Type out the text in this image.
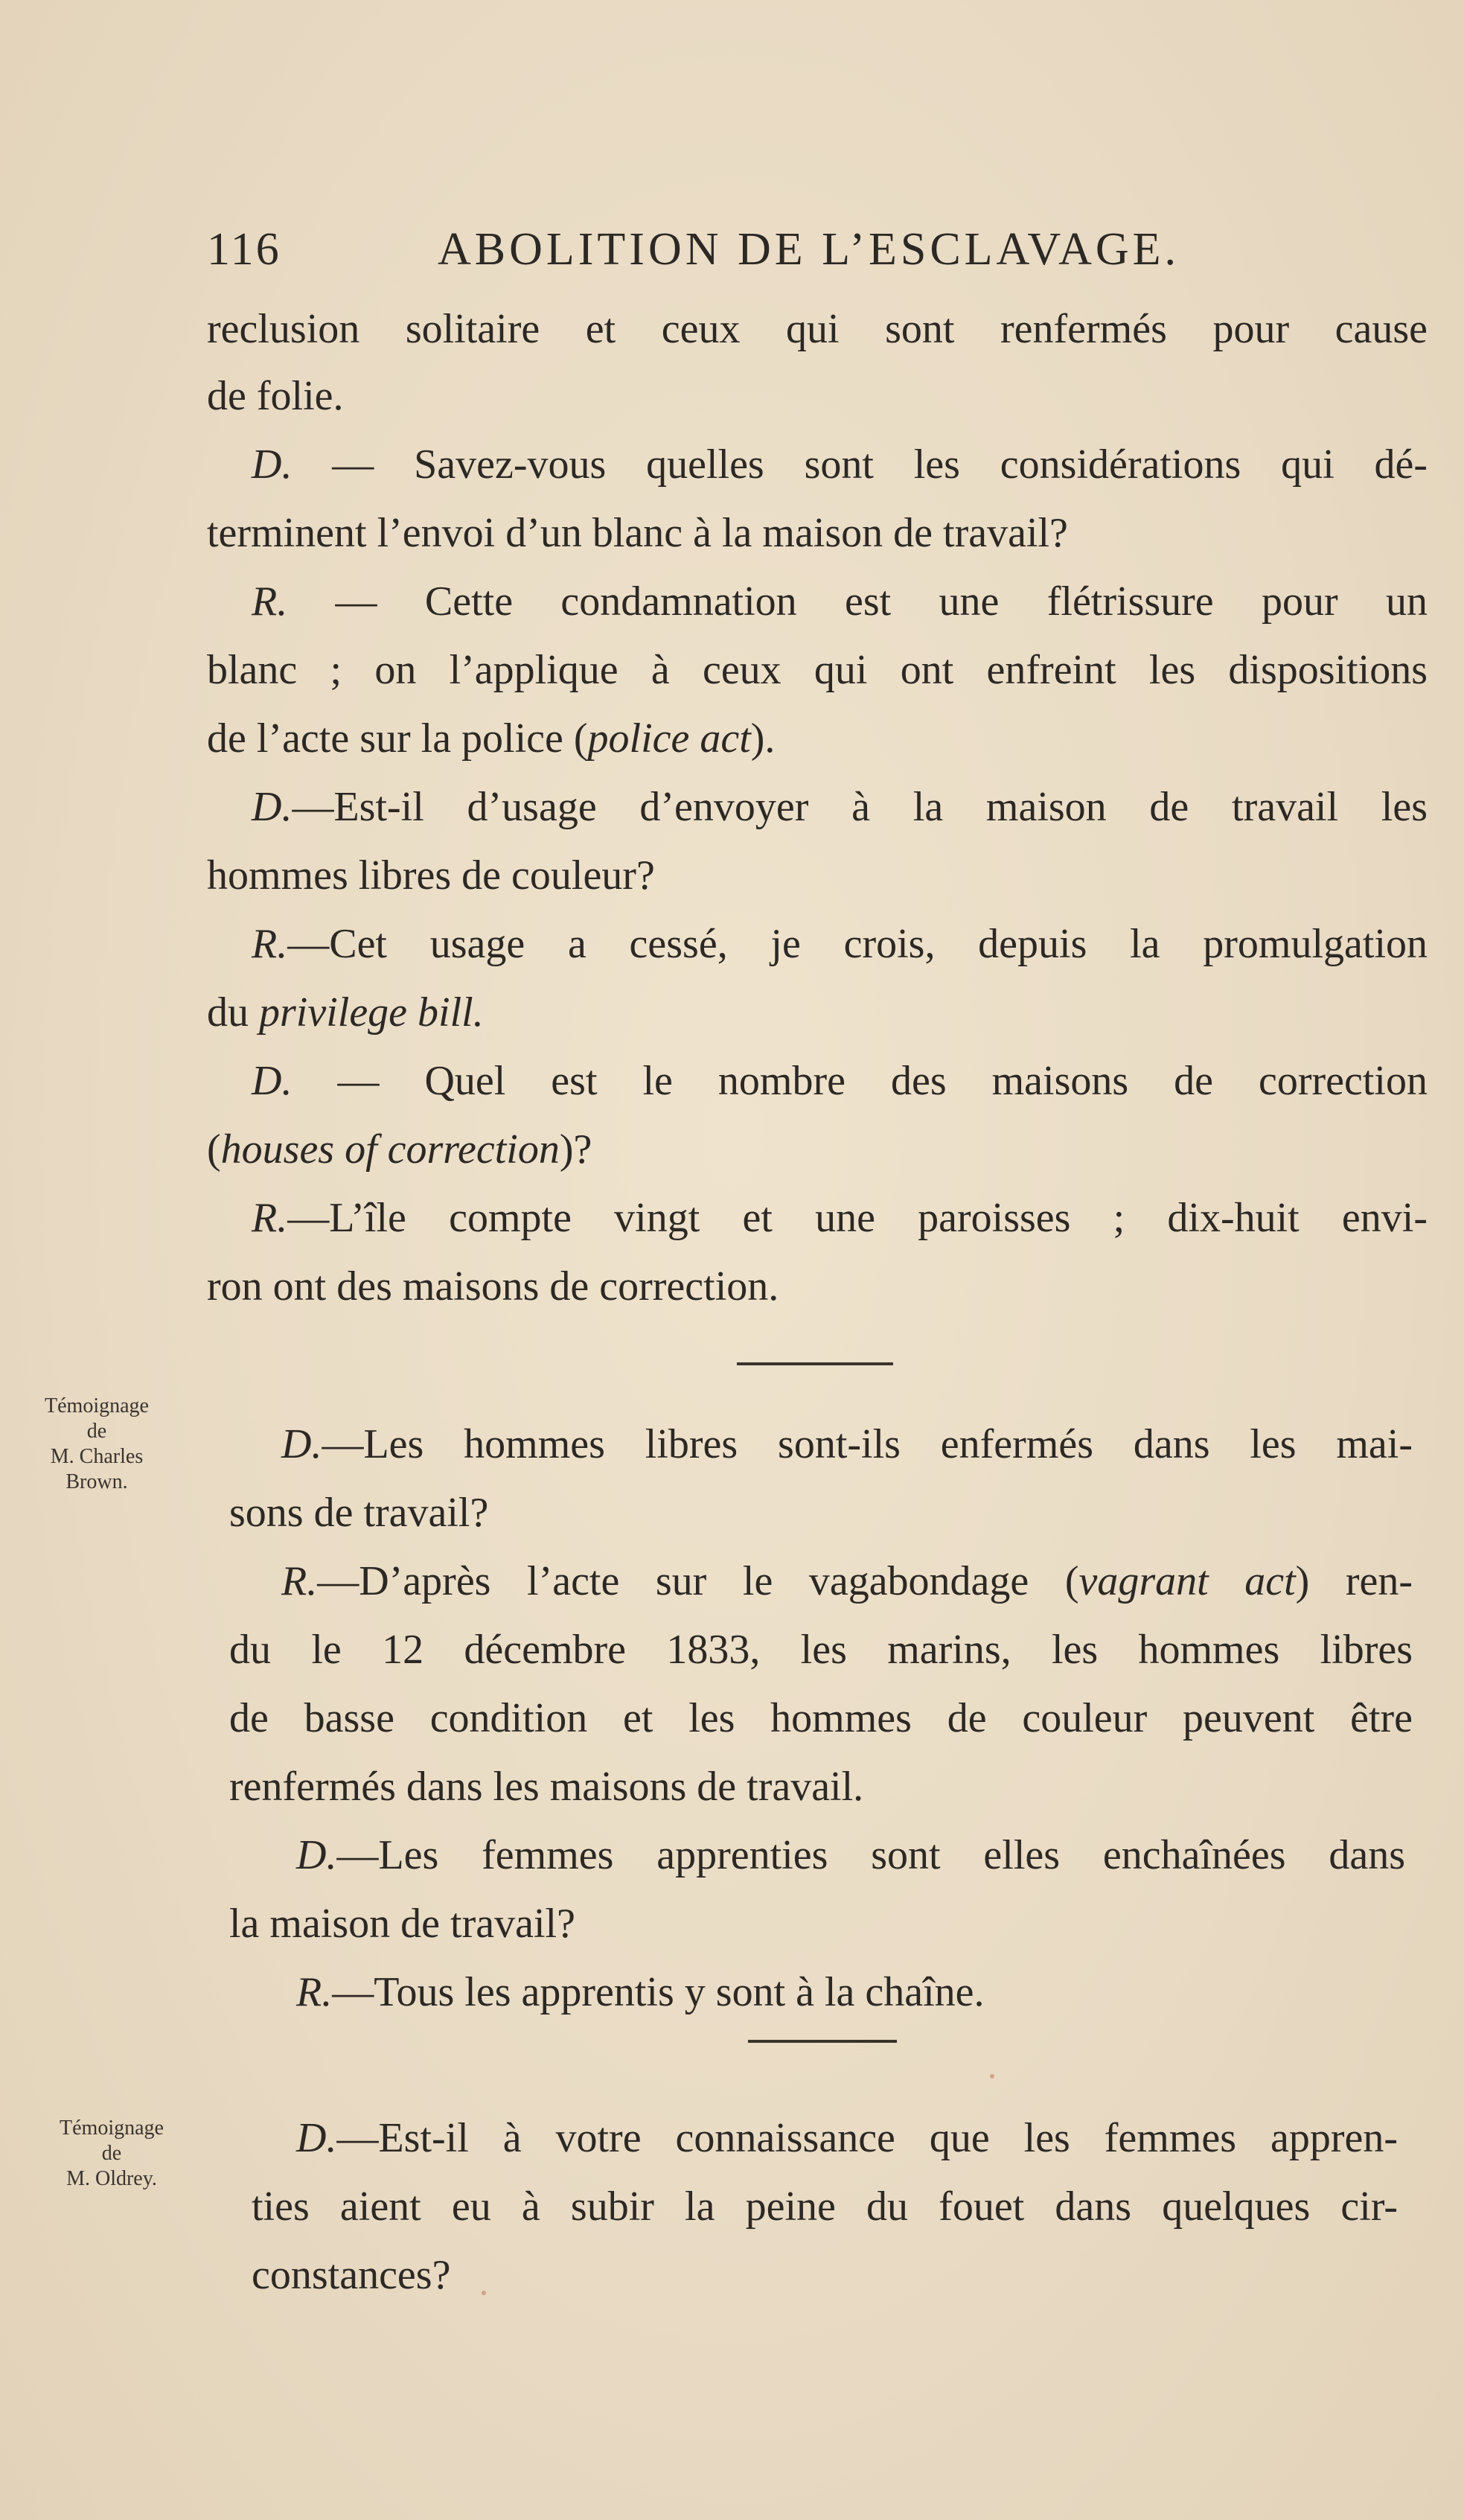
116	ABOLITION DE L’ESCLAVAGE.
reclusion solitaire et ceux qui sont renfermés pour cause
de folie.
D. — Savez-vous quelles sont les considérations qui dé-
terminent l’envoi d’un blanc à la maison de travail?
R. — Cette condamnation est une flétrissure pour un
blanc ; on l’applique à ceux qui ont enfreint les dispositions
de l’acte sur la police (police act).
D.—Est-il d’usage d’envoyer à la maison de travail les
hommes libres de couleur?
R.—Cet usage a cessé, je crois, depuis la promulgation
du privilege bill.
D. — Quel est le nombre des maisons de correction
(houses of correction)?
R.—L’île compte vingt et une paroisses ; dix-huit envi-
ron ont des maisons de correction.
Témoignage
de
M. Charles
Brown.
D.—Les hommes libres sont-ils enfermés dans les mai-
sons de travail?
R.—D’après l’acte sur le vagabondage (vagrant act) ren-
du le 12 décembre 1833, les marins, les hommes libres
de basse condition et les hommes de couleur peuvent être
renfermés dans les maisons de travail.
D.—Les femmes apprenties sont elles enchaînées dans
la maison de travail?
R.—Tous les apprentis y sont à la chaîne.
Témoignage
de
M. Oldrey.
D.—Est-il à votre connaissance que les femmes appren-
ties aient eu à subir la peine du fouet dans quelques cir-
constances?
